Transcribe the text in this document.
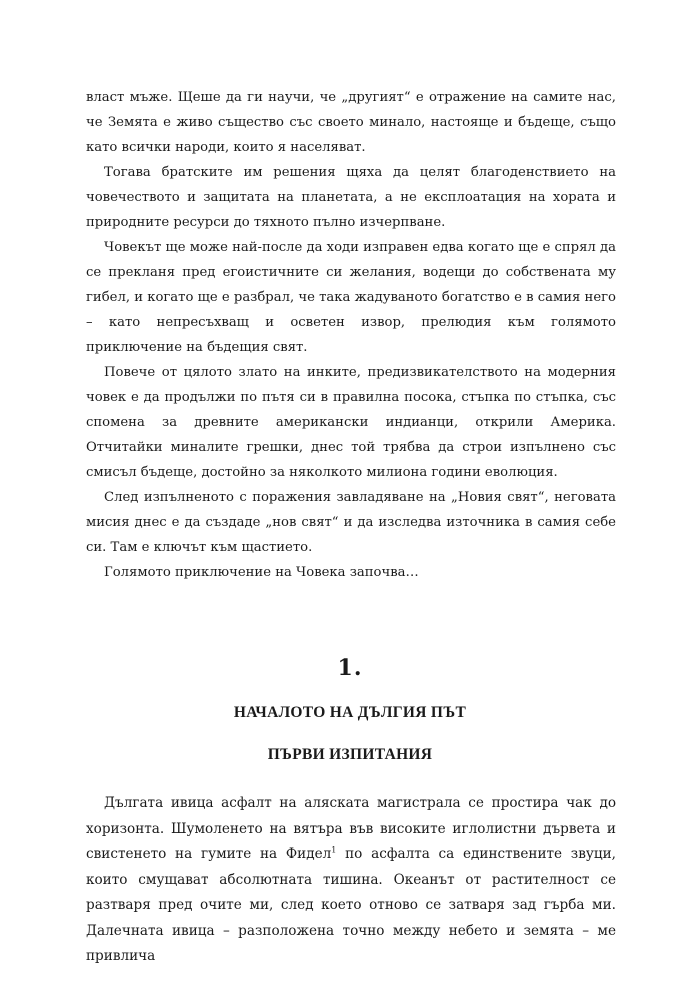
власт мъже. Щеше да ги научи, че „другият“ е отражение на самите нас, че Земята е живо същество със своето минало, настояще и бъдеще, също като всички народи, които я населяват.

Тогава братските им решения щяха да целят благоденствието на човечеството и защитата на планетата, а не експлоатация на хората и природните ресурси до тяхното пълно изчерпване.

Човекът ще може най-после да ходи изправен едва когато ще е спрял да се прекланя пред егоистичните си желания, водещи до собствената му гибел, и когато ще е разбрал, че така жадуваното богатство е в самия него – като непресъхващ и осветен извор, прелюдия към голямото приключение на бъдещия свят.

Повече от цялото злато на инките, предизвикателството на модерния човек е да продължи по пътя си в правилна посока, стъпка по стъпка, със спомена за древните американски индианци, открили Америка. Отчитайки миналите грешки, днес той трябва да строи изпълнено със смисъл бъдеще, достойно за няколкото милиона години еволюция.

След изпълненото с поражения завладяване на „Новия свят“, неговата мисия днес е да създаде „нов свят“ и да изследва източника в самия себе си. Там е ключът към щастието.

Голямото приключение на Човека започва…

1.
НАЧАЛОТО НА ДЪЛГИЯ ПЪТ
ПЪРВИ ИЗПИТАНИЯ

Дългата ивица асфалт на аляската магистрала се простира чак до хоризонта. Шумоленето на вятъра във високите иглолистни дървета и свистенето на гумите на Фидел$^1$ по асфалта са единствените звуци, които смущават абсолютната тишина. Океанът от растителност се разтваря пред очите ми, след което отново се затваря зад гърба ми. Далечната ивица – разположена точно между небето и земята – ме привлича
